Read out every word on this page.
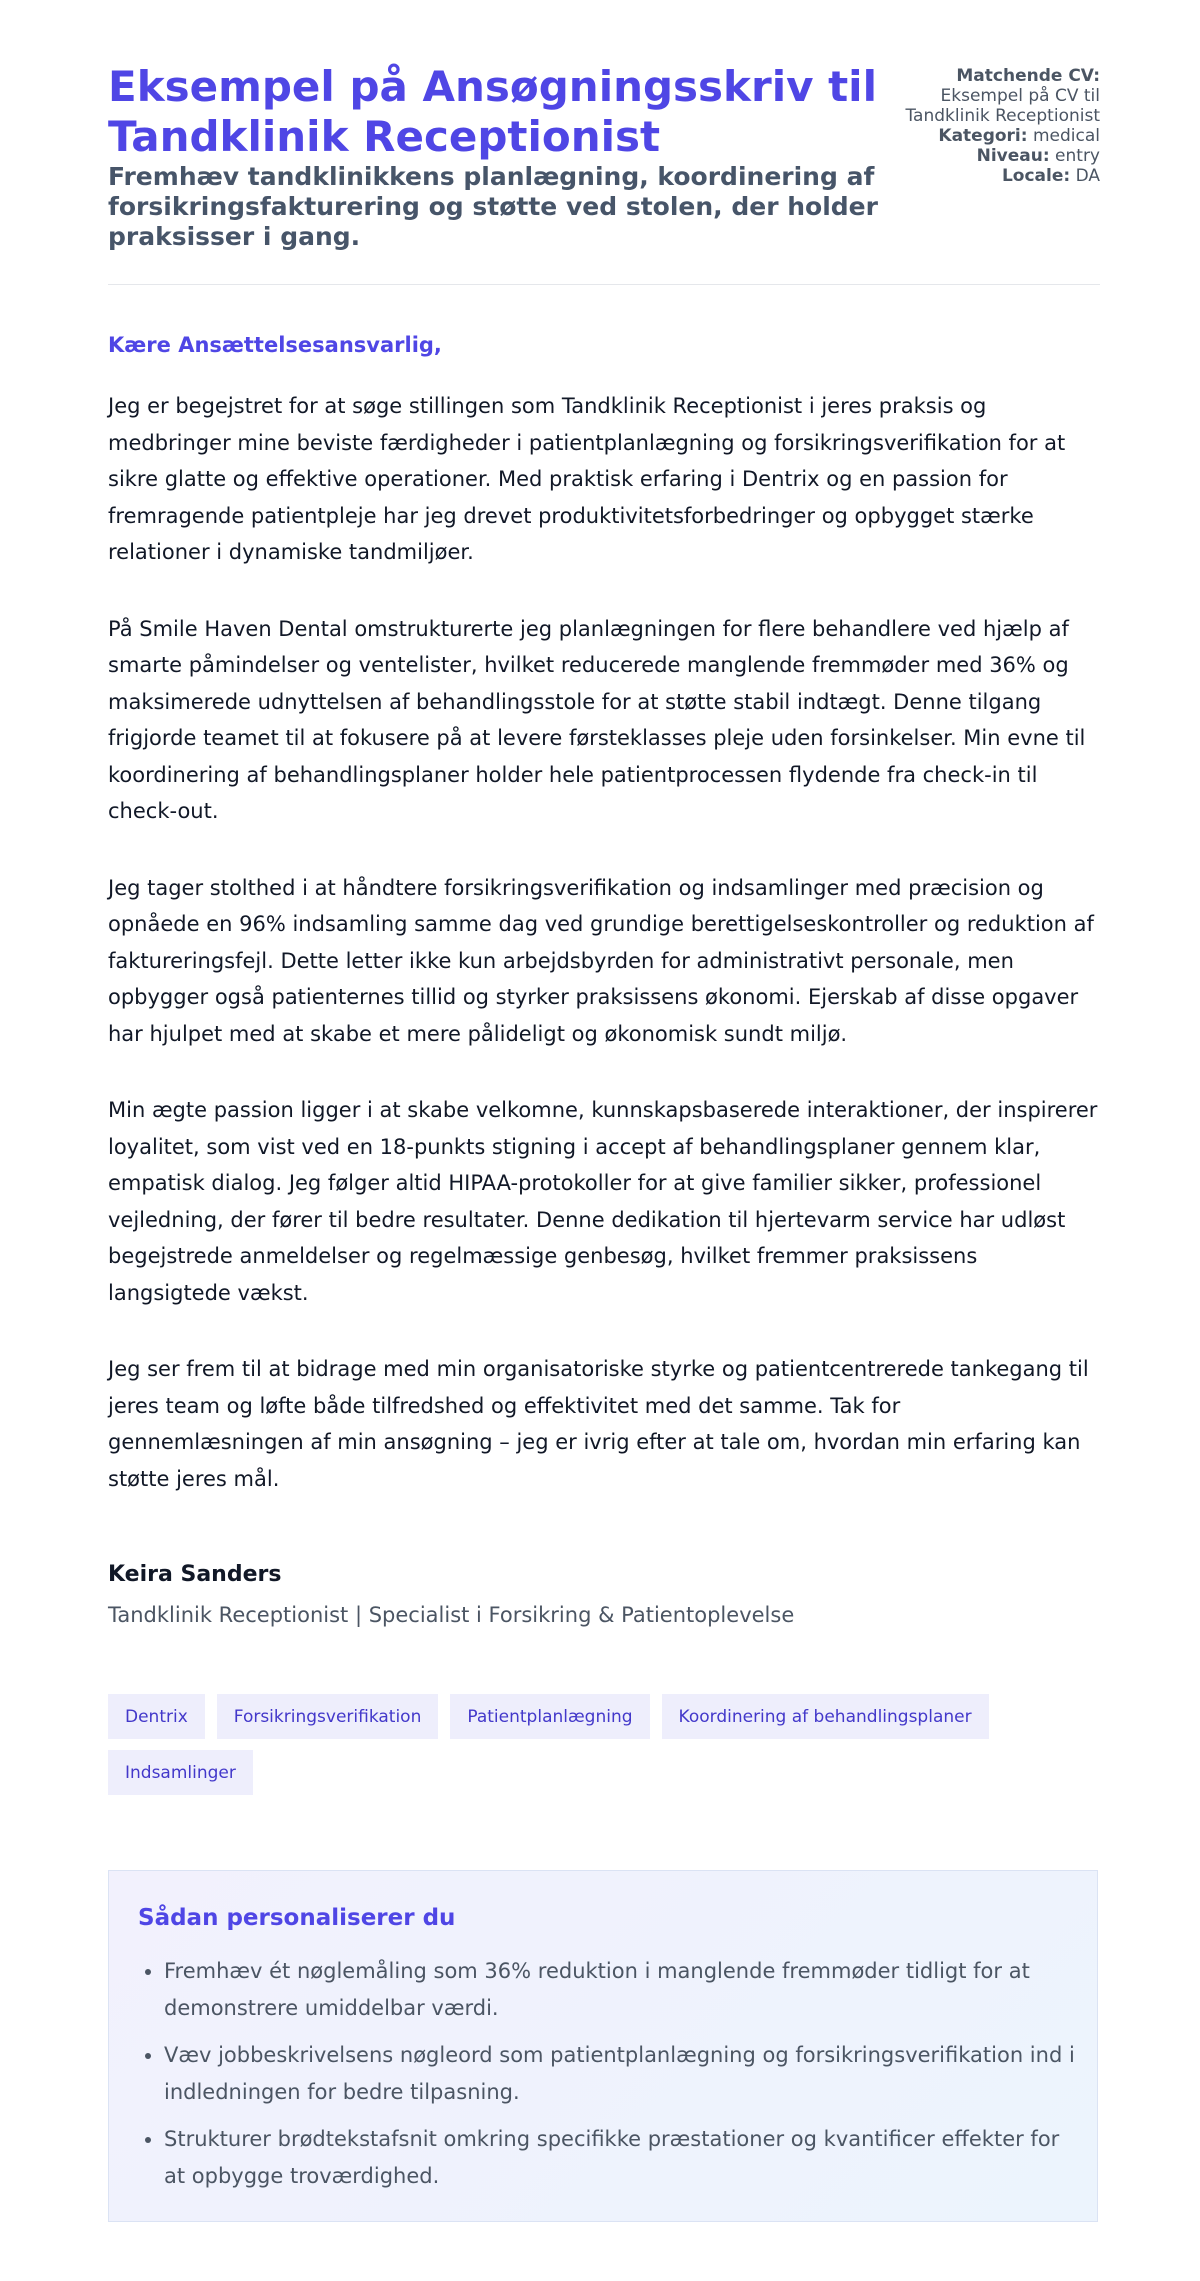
Eksempel på Ansøgningsskriv til Tandklinik Receptionist
Fremhæv tandklinikkens planlægning, koordinering af forsikringsfakturering og støtte ved stolen, der holder praksisser i gang.
Matchende CV:
Eksempel på CV til Tandklinik Receptionist
Kategori: medical
Niveau: entry
Locale: DA

Kære Ansættelsesansvarlig,

Jeg er begejstret for at søge stillingen som Tandklinik Receptionist i jeres praksis og medbringer mine beviste færdigheder i patientplanlægning og forsikringsverifikation for at sikre glatte og effektive operationer. Med praktisk erfaring i Dentrix og en passion for fremragende patientpleje har jeg drevet produktivitetsforbedringer og opbygget stærke relationer i dynamiske tandmiljøer.

På Smile Haven Dental omstrukturerte jeg planlægningen for flere behandlere ved hjælp af smarte påmindelser og ventelister, hvilket reducerede manglende fremmøder med 36% og maksimerede udnyttelsen af behandlingsstole for at støtte stabil indtægt. Denne tilgang frigjorde teamet til at fokusere på at levere førsteklasses pleje uden forsinkelser. Min evne til koordinering af behandlingsplaner holder hele patientprocessen flydende fra check-in til check-out.

Jeg tager stolthed i at håndtere forsikringsverifikation og indsamlinger med præcision og opnåede en 96% indsamling samme dag ved grundige berettigelseskontroller og reduktion af faktureringsfejl. Dette letter ikke kun arbejdsbyrden for administrativt personale, men opbygger også patienternes tillid og styrker praksissens økonomi. Ejerskab af disse opgaver har hjulpet med at skabe et mere pålideligt og økonomisk sundt miljø.

Min ægte passion ligger i at skabe velkomne, kunnskapsbaserede interaktioner, der inspirerer loyalitet, som vist ved en 18-punkts stigning i accept af behandlingsplaner gennem klar, empatisk dialog. Jeg følger altid HIPAA-protokoller for at give familier sikker, professionel vejledning, der fører til bedre resultater. Denne dedikation til hjertevarm service har udløst begejstrede anmeldelser og regelmæssige genbesøg, hvilket fremmer praksissens langsigtede vækst.

Jeg ser frem til at bidrage med min organisatoriske styrke og patientcentrerede tankegang til jeres team og løfte både tilfredshed og effektivitet med det samme. Tak for gennemlæsningen af min ansøgning – jeg er ivrig efter at tale om, hvordan min erfaring kan støtte jeres mål.

Keira Sanders

Tandklinik Receptionist | Specialist i Forsikring & Patientoplevelse

Dentrix	Forsikringsverifikation	Patientplanlægning	Koordinering af behandlingsplaner
Indsamlinger
Sådan personaliserer du
• Fremhæv ét nøglemåling som 36% reduktion i manglende fremmøder tidligt for at demonstrere umiddelbar værdi.
• Væv jobbeskrivelsens nøgleord som patientplanlægning og forsikringsverifikation ind i indledningen for bedre tilpasning.
• Strukturer brødtekstafsnit omkring specifikke præstationer og kvantificer effekter for at opbygge troværdighed.
